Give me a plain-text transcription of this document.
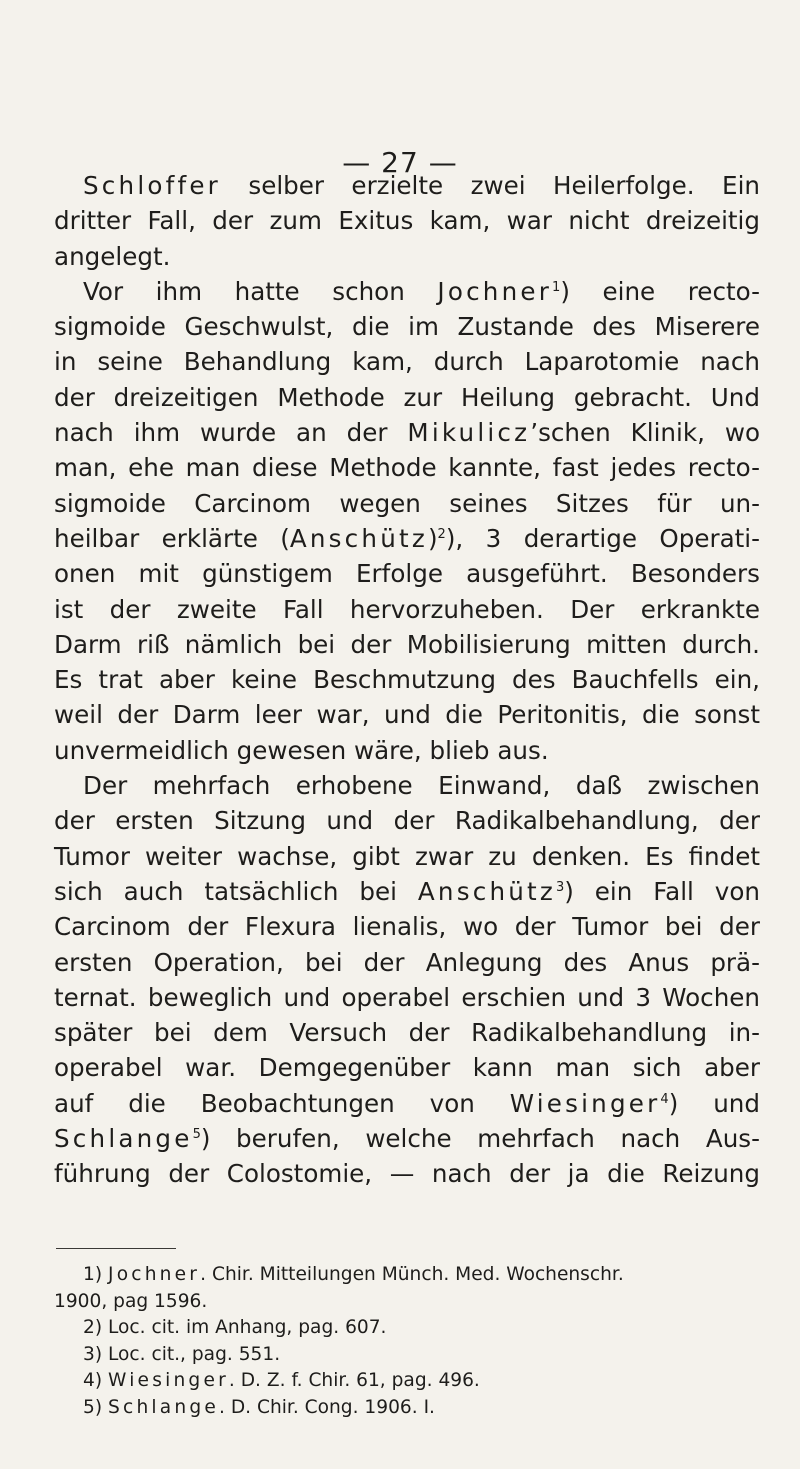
— 27 —
Schloffer selber erzielte zwei Heilerfolge. Ein
dritter Fall, der zum Exitus kam, war nicht dreizeitig
angelegt.
Vor ihm hatte schon Jochner$^1$) eine recto-
sigmoide Geschwulst, die im Zustande des Miserere
in seine Behandlung kam, durch Laparotomie nach
der dreizeitigen Methode zur Heilung gebracht. Und
nach ihm wurde an der Mikulicz’schen Klinik, wo
man, ehe man diese Methode kannte, fast jedes recto-
sigmoide Carcinom wegen seines Sitzes für un-
heilbar erklärte (Anschütz)$^2$), 3 derartige Operati-
onen mit günstigem Erfolge ausgeführt. Besonders
ist der zweite Fall hervorzuheben. Der erkrankte
Darm riß nämlich bei der Mobilisierung mitten durch.
Es trat aber keine Beschmutzung des Bauchfells ein,
weil der Darm leer war, und die Peritonitis, die sonst
unvermeidlich gewesen wäre, blieb aus.
Der mehrfach erhobene Einwand, daß zwischen
der ersten Sitzung und der Radikalbehandlung, der
Tumor weiter wachse, gibt zwar zu denken. Es findet
sich auch tatsächlich bei Anschütz$^3$) ein Fall von
Carcinom der Flexura lienalis, wo der Tumor bei der
ersten Operation, bei der Anlegung des Anus prä-
ternat. beweglich und operabel erschien und 3 Wochen
später bei dem Versuch der Radikalbehandlung in-
operabel war. Demgegenüber kann man sich aber
auf die Beobachtungen von Wiesinger$^4$) und
Schlange$^5$) berufen, welche mehrfach nach Aus-
führung der Colostomie, — nach der ja die Reizung
1) Jochner. Chir. Mitteilungen Münch. Med. Wochenschr.
1900, pag 1596.
2) Loc. cit. im Anhang, pag. 607.
3) Loc. cit., pag. 551.
4) Wiesinger. D. Z. f. Chir. 61, pag. 496.
5) Schlange. D. Chir. Cong. 1906. I.
